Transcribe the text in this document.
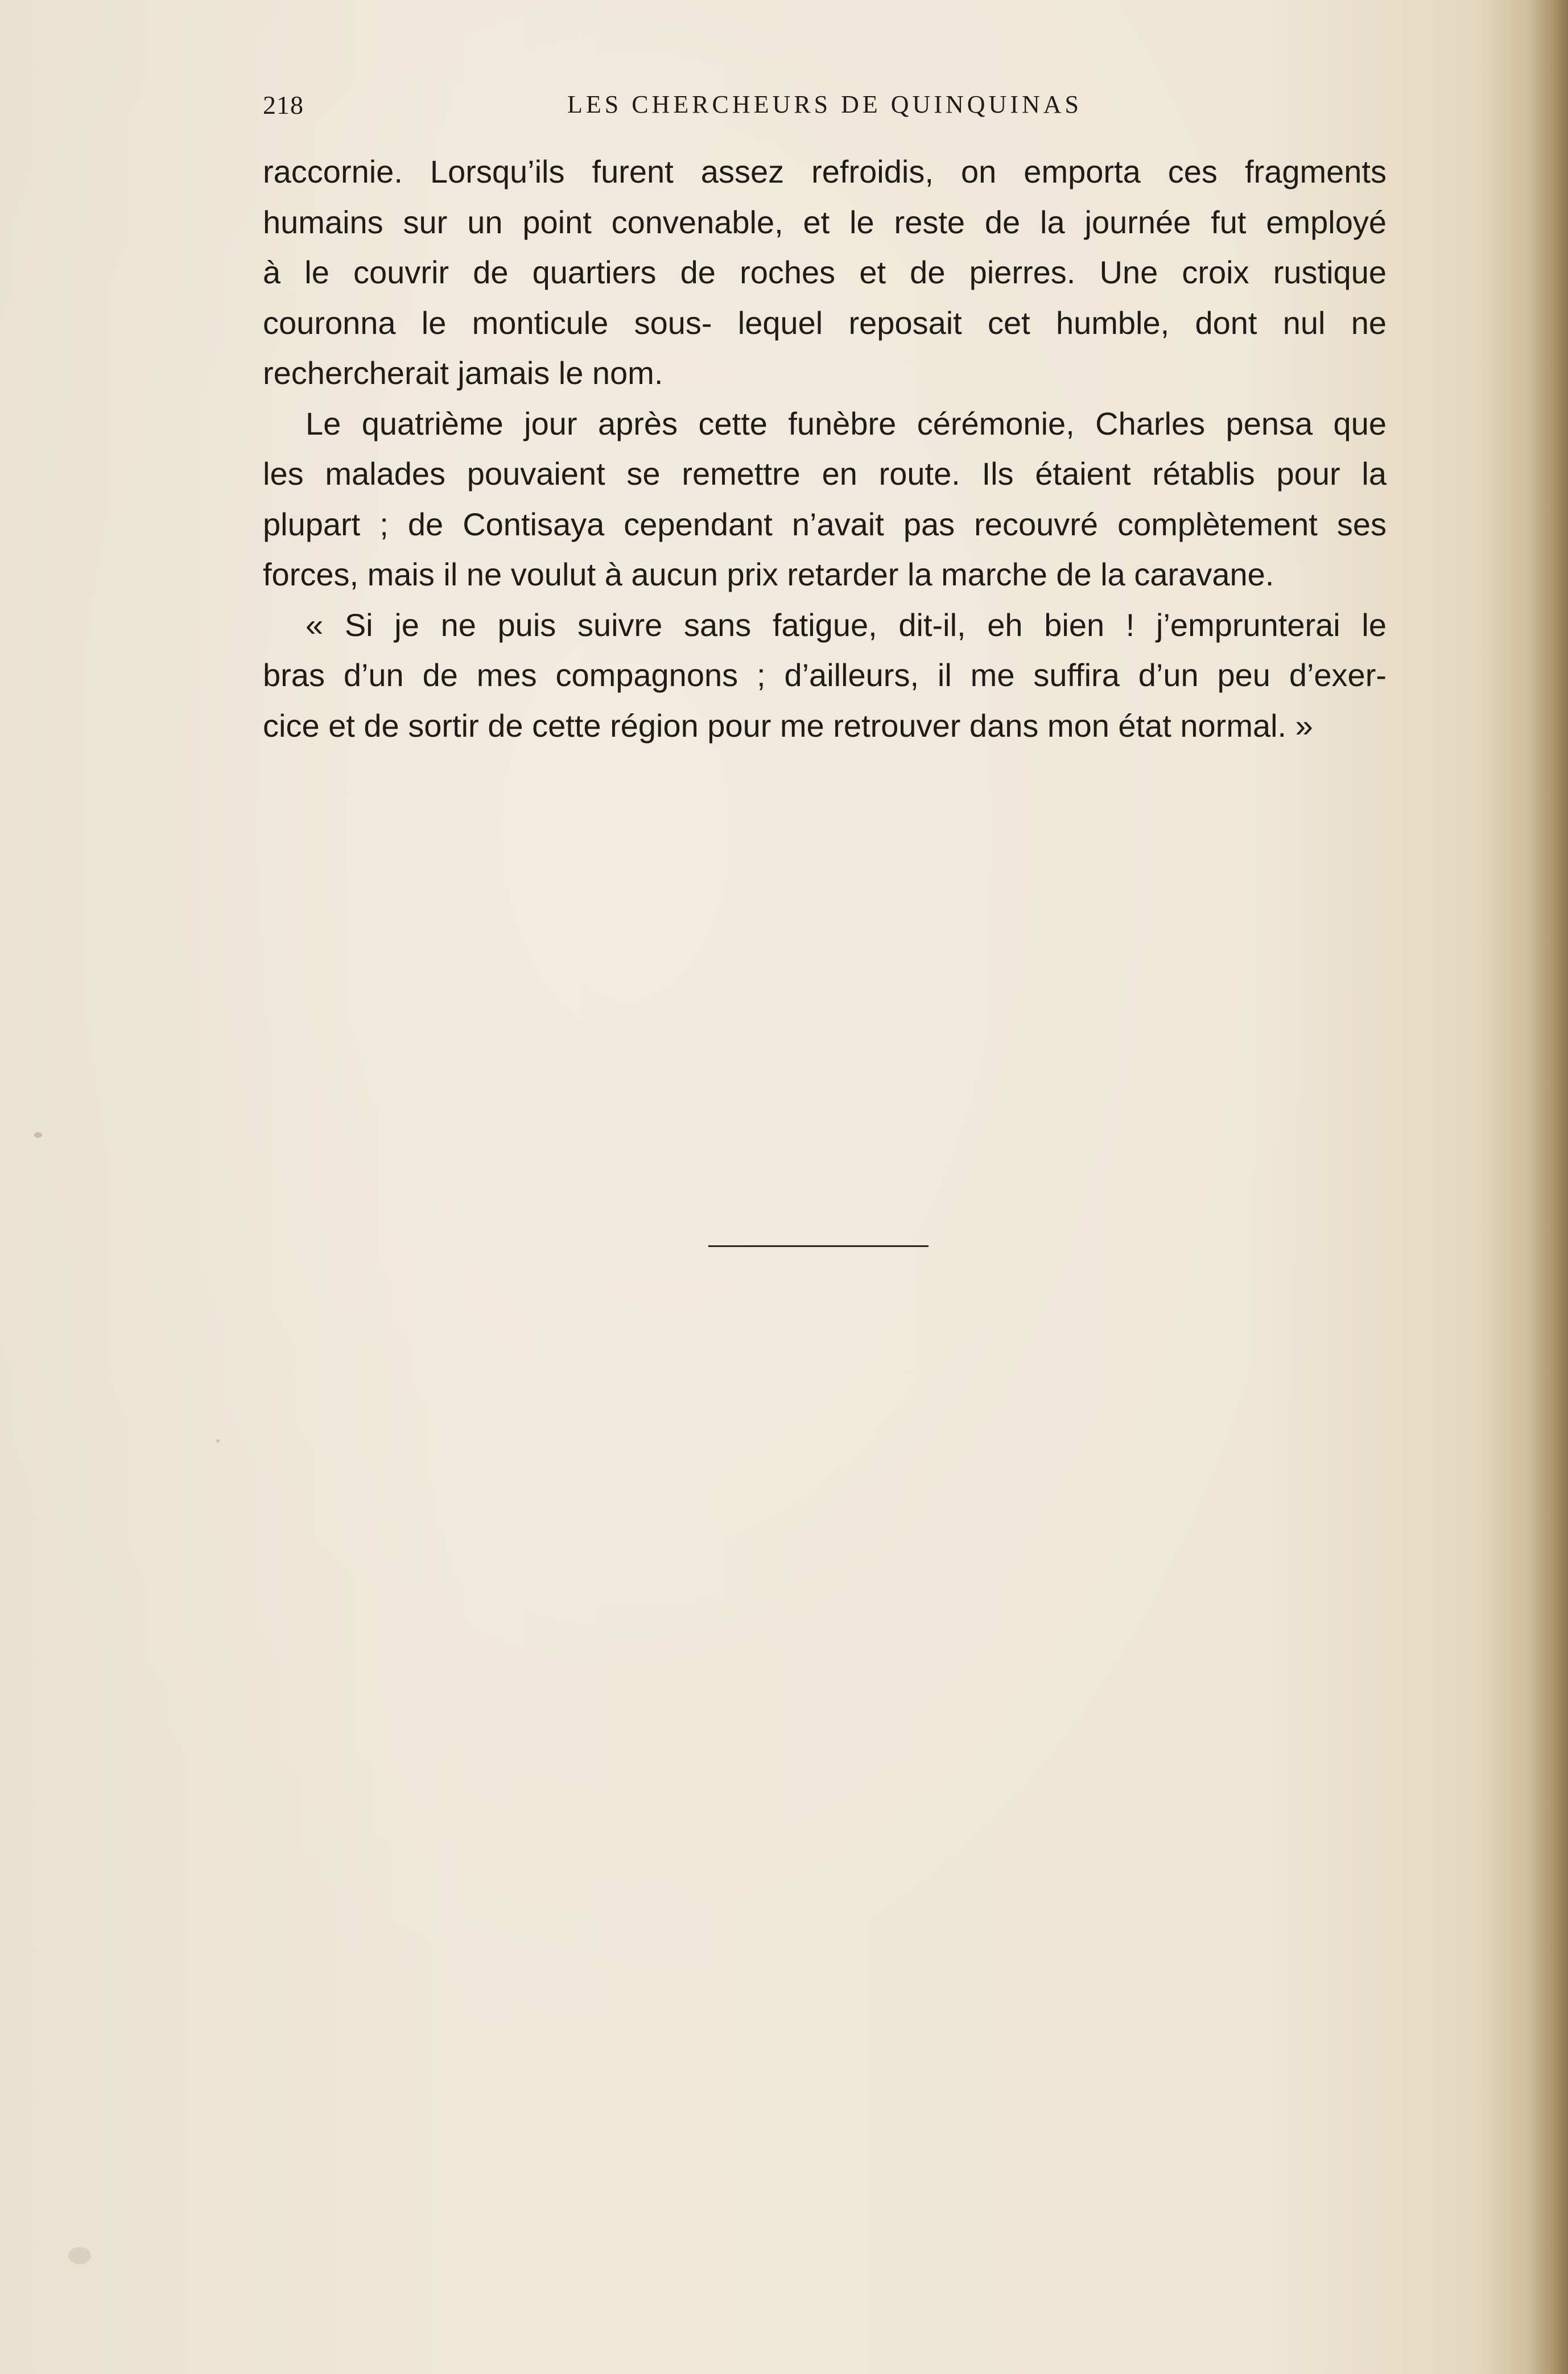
218	LES CHERCHEURS DE QUINQUINAS

raccornie. Lorsqu’ils furent assez refroidis, on emporta ces fragments
humains sur un point convenable, et le reste de la journée fut employé
à le couvrir de quartiers de roches et de pierres. Une croix rustique
couronna le monticule sous- lequel reposait cet humble, dont nul ne
rechercherait jamais le nom.

Le quatrième jour après cette funèbre cérémonie, Charles pensa que
les malades pouvaient se remettre en route. Ils étaient rétablis pour la
plupart ; de Contisaya cependant n’avait pas recouvré complètement ses
forces, mais il ne voulut à aucun prix retarder la marche de la caravane.

« Si je ne puis suivre sans fatigue, dit-il, eh bien ! j’emprunterai le
bras d’un de mes compagnons ; d’ailleurs, il me suffira d’un peu d’exer-
cice et de sortir de cette région pour me retrouver dans mon état normal. »
